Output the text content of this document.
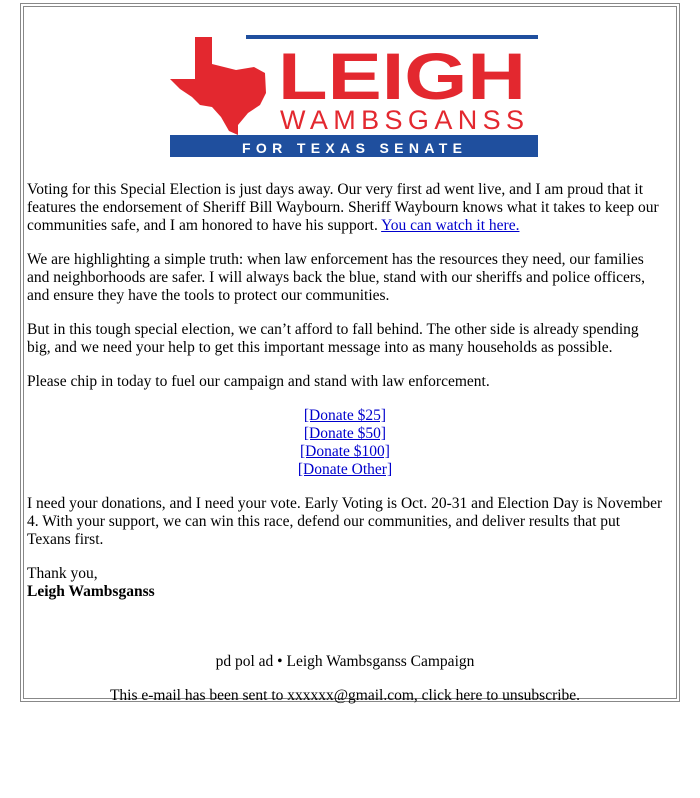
LEIGH
WAMBSGANSS
FOR TEXAS SENATE

Voting for this Special Election is just days away. Our very first ad went live, and I am proud that it features the endorsement of Sheriff Bill Waybourn. Sheriff Waybourn knows what it takes to keep our communities safe, and I am honored to have his support. You can watch it here.

We are highlighting a simple truth: when law enforcement has the resources they need, our families and neighborhoods are safer. I will always back the blue, stand with our sheriffs and police officers, and ensure they have the tools to protect our communities.

But in this tough special election, we can’t afford to fall behind. The other side is already spending big, and we need your help to get this important message into as many households as possible.

Please chip in today to fuel our campaign and stand with law enforcement.

[Donate $25]
[Donate $50]
[Donate $100]
[Donate Other]

I need your donations, and I need your vote. Early Voting is Oct. 20-31 and Election Day is November 4. With your support, we can win this race, defend our communities, and deliver results that put Texans first.

Thank you,
Leigh Wambsganss
pd pol ad • Leigh Wambsganss Campaign
This e-mail has been sent to xxxxxx@gmail.com, click here to unsubscribe.
